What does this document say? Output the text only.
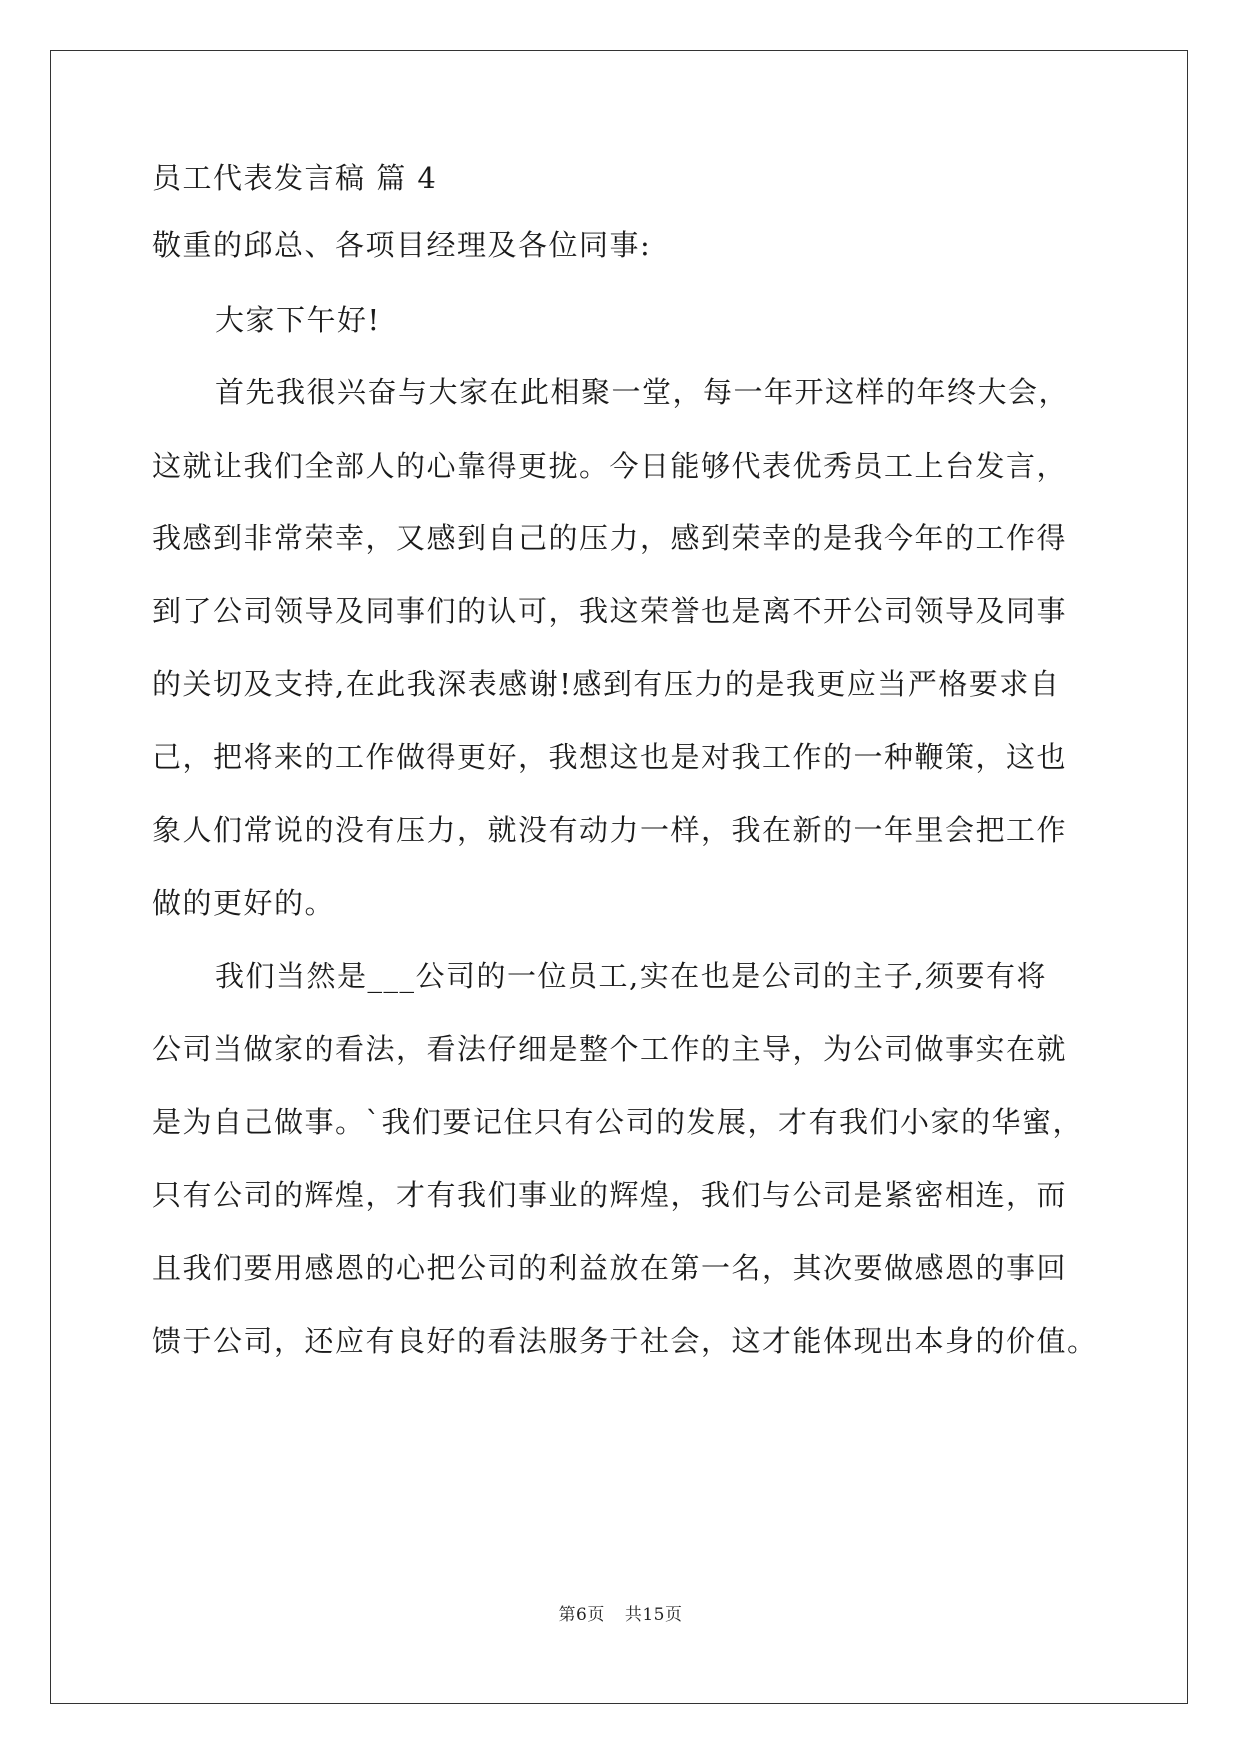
员工代表发言稿 篇 4
敬重的邱总、各项目经理及各位同事:
大家下午好!
首先我很兴奋与大家在此相聚一堂，每一年开这样的年终大会，
这就让我们全部人的心靠得更拢。今日能够代表优秀员工上台发言，
我感到非常荣幸，又感到自己的压力，感到荣幸的是我今年的工作得
到了公司领导及同事们的认可，我这荣誉也是离不开公司领导及同事
的关切及支持,在此我深表感谢!感到有压力的是我更应当严格要求自
己，把将来的工作做得更好，我想这也是对我工作的一种鞭策，这也
象人们常说的没有压力，就没有动力一样，我在新的一年里会把工作
做的更好的。
我们当然是___公司的一位员工,实在也是公司的主子,须要有将
公司当做家的看法，看法仔细是整个工作的主导，为公司做事实在就
是为自己做事。`我们要记住只有公司的发展，才有我们小家的华蜜，
只有公司的辉煌，才有我们事业的辉煌，我们与公司是紧密相连，而
且我们要用感恩的心把公司的利益放在第一名，其次要做感恩的事回
馈于公司，还应有良好的看法服务于社会，这才能体现出本身的价值。
第6页 共15页
